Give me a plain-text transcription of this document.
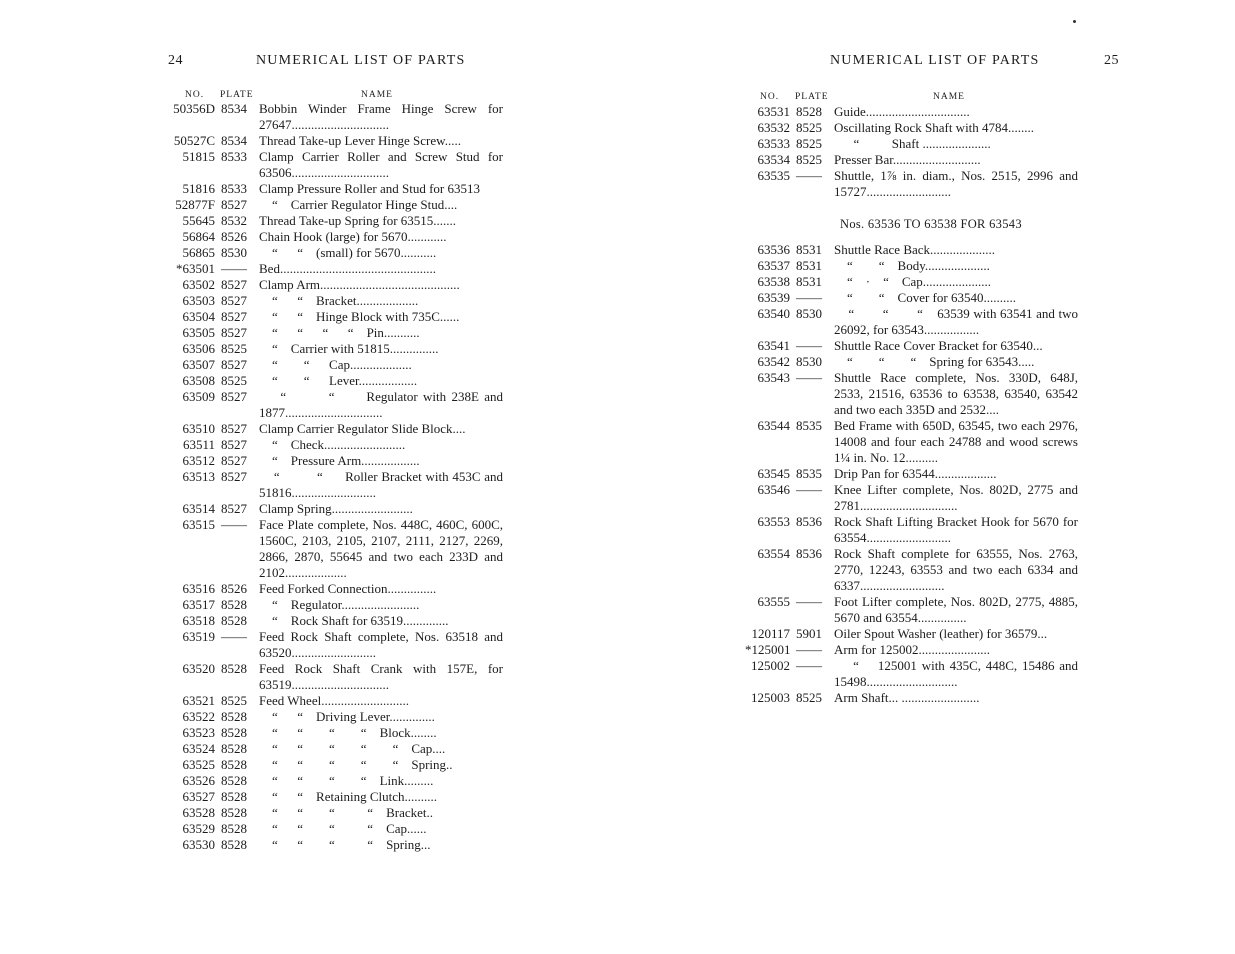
24	NUMERICAL LIST OF PARTS
NO. PLATE	NAME
50356D 8534 Bobbin Winder Frame Hinge Screw for 27647..............................
50527C 8534 Thread Take-up Lever Hinge Screw.....
51815 8533 Clamp Carrier Roller and Screw Stud for 63506..............................
51816 8533 Clamp Pressure Roller and Stud for 63513
52877F 8527 “    Carrier Regulator Hinge Stud....
55645 8532 Thread Take-up Spring for 63515.......
56864 8526 Chain Hook (large) for 5670............
56865 8530 “      “    (small) for 5670...........
*63501 —— Bed................................................
63502 8527 Clamp Arm...........................................
63503 8527 “      “    Bracket...................
63504 8527 “      “    Hinge Block with 735C......
63505 8527 “      “      “      “    Pin...........
63506 8525 “    Carrier with 51815...............
63507 8527 “        “      Cap...................
63508 8525 “        “      Lever..................
63509 8527 “        “      Regulator with 238E and 1877..............................
63510 8527 Clamp Carrier Regulator Slide Block....
63511 8527 “    Check.........................
63512 8527 “    Pressure Arm..................
63513 8527 “          “      Roller Bracket with 453C and 51816..........................
63514 8527 Clamp Spring.........................
63515 —— Face Plate complete, Nos. 448C, 460C, 600C, 1560C, 2103, 2105, 2107, 2111, 2127, 2269, 2866, 2870, 55645 and two each 233D and 2102...................
63516 8526 Feed Forked Connection...............
63517 8528 “    Regulator........................
63518 8528 “    Rock Shaft for 63519..............
63519 —— Feed Rock Shaft complete, Nos. 63518 and 63520..........................
63520 8528 Feed Rock Shaft Crank with 157E, for 63519..............................
63521 8525 Feed Wheel...........................
63522 8528 “      “    Driving Lever..............
63523 8528 “      “        “        “    Block........
63524 8528 “      “        “        “        “    Cap....
63525 8528 “      “        “        “        “    Spring..
63526 8528 “      “        “        “    Link.........
63527 8528 “      “    Retaining Clutch..........
63528 8528 “      “        “          “    Bracket..
63529 8528 “      “        “          “    Cap......
63530 8528 “      “        “          “    Spring...
NUMERICAL LIST OF PARTS	25
NO. PLATE	NAME
63531 8528 Guide................................
63532 8525 Oscillating Rock Shaft with 4784........
63533 8525 “          Shaft .....................
63534 8525 Presser Bar...........................
63535 —— Shuttle, 1⅞ in. diam., Nos. 2515, 2996 and 15727..........................
Nos. 63536 TO 63538 FOR 63543
63536 8531 Shuttle Race Back....................
63537 8531 “        “    Body....................
63538 8531 “    ·    “    Cap.....................
63539 —— “        “    Cover for 63540..........
63540 8530 “        “        “    63539 with 63541 and two 26092, for 63543.................
63541 —— Shuttle Race Cover Bracket for 63540...
63542 8530 “        “        “    Spring for 63543.....
63543 —— Shuttle Race complete, Nos. 330D, 648J, 2533, 21516, 63536 to 63538, 63540, 63542 and two each 335D and 2532....
63544 8535 Bed Frame with 650D, 63545, two each 2976, 14008 and four each 24788 and wood screws 1¼ in. No. 12..........
63545 8535 Drip Pan for 63544...................
63546 —— Knee Lifter complete, Nos. 802D, 2775 and 2781..............................
63553 8536 Rock Shaft Lifting Bracket Hook for 5670 for 63554..........................
63554 8536 Rock Shaft complete for 63555, Nos. 2763, 2770, 12243, 63553 and two each 6334 and 6337..........................
63555 —— Foot Lifter complete, Nos. 802D, 2775, 4885, 5670 and 63554...............
120117 5901 Oiler Spout Washer (leather) for 36579...
*125001 —— Arm for 125002......................
125002 —— “    125001 with 435C, 448C, 15486 and 15498............................
125003 8525 Arm Shaft... ........................
